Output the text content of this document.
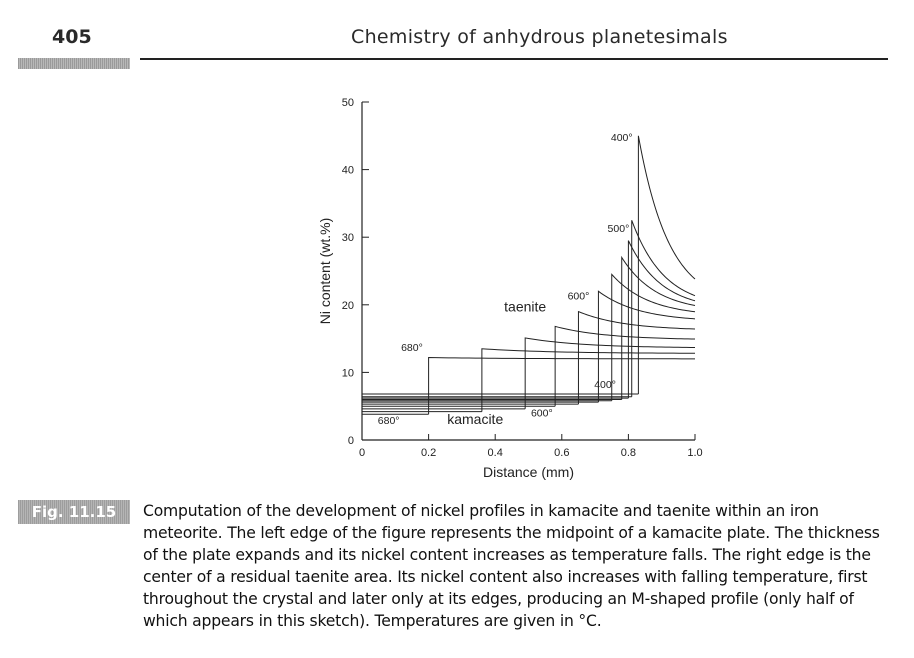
405	Chemistry of anhydrous planetesimals
0
10
20
30
40
50
0	0.2	0.4	0.6	0.8	1.0
680°
600°
500°
400°
taenite
680°	kamacite	600°
400°
Distance (mm)
Ni content (wt.%)
Fig. 11.15	Computation of the development of nickel profiles in kamacite and taenite within an iron meteorite. The left edge of the figure represents the midpoint of a kamacite plate. The thickness of the plate expands and its nickel content increases as temperature falls. The right edge is the center of a residual taenite area. Its nickel content also increases with falling temperature, first throughout the crystal and later only at its edges, producing an M-shaped profile (only half of which appears in this sketch). Temperatures are given in °C.
